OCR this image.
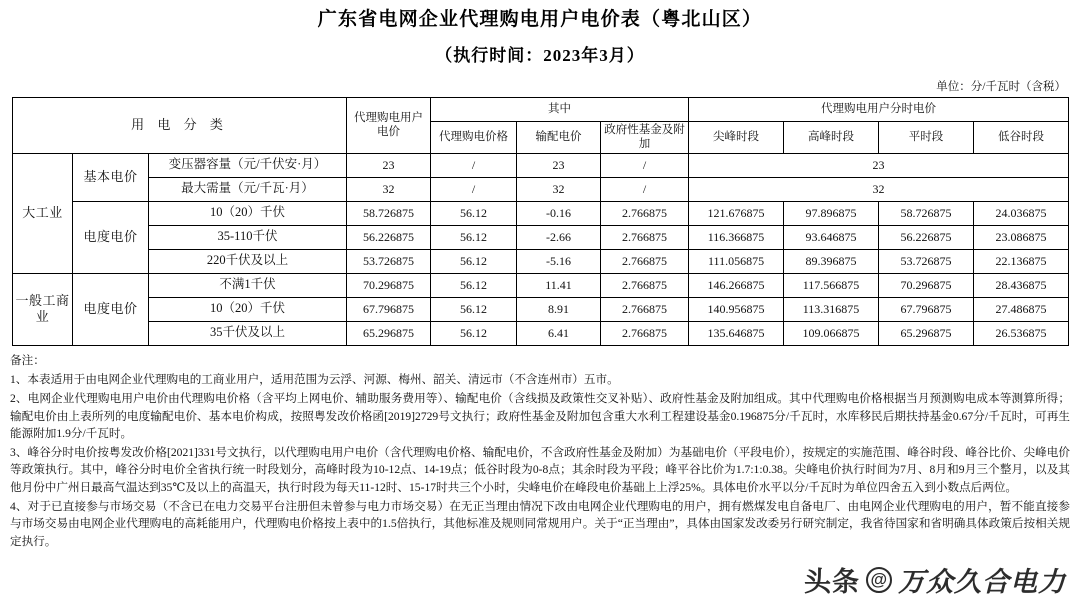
广东省电网企业代理购电用户电价表（粤北山区）
（执行时间：2023年3月）
单位：分/千瓦时（含税）
用 电 分 类			代理购电用户电价	其中			代理购电用户分时电价			
				代理购电价格	输配电价	政府性基金及附加	尖峰时段	高峰时段	平时段	低谷时段
大工业	基本电价	变压器容量（元/千伏安·月）	23	/	23	/	23			
		最大需量（元/千瓦·月）	32	/	32	/	32			
	电度电价	10（20）千伏	58.726875	56.12	-0.16	2.766875	121.676875	97.896875	58.726875	24.036875
		35-110千伏	56.226875	56.12	-2.66	2.766875	116.366875	93.646875	56.226875	23.086875
		220千伏及以上	53.726875	56.12	-5.16	2.766875	111.056875	89.396875	53.726875	22.136875
一般工商业	电度电价	不满1千伏	70.296875	56.12	11.41	2.766875	146.266875	117.566875	70.296875	28.436875
		10（20）千伏	67.796875	56.12	8.91	2.766875	140.956875	113.316875	67.796875	27.486875
		35千伏及以上	65.296875	56.12	6.41	2.766875	135.646875	109.066875	65.296875	26.536875

备注：

1、本表适用于由电网企业代理购电的工商业用户，适用范围为云浮、河源、梅州、韶关、清远市（不含连州市）五市。

2、电网企业代理购电用户电价由代理购电价格（含平均上网电价、辅助服务费用等）、输配电价（含线损及政策性交叉补贴）、政府性基金及附加组成。其中代理购电价格根据当月预测购电成本等测算所得；输配电价由上表所列的电度输配电价、基本电价构成，按照粤发改价格函[2019]2729号文执行；政府性基金及附加包含重大水利工程建设基金0.196875分/千瓦时，水库移民后期扶持基金0.67分/千瓦时，可再生能源附加1.9分/千瓦时。

3、峰谷分时电价按粤发改价格[2021]331号文执行，以代理购电用户电价（含代理购电价格、输配电价，不含政府性基金及附加）为基础电价（平段电价），按规定的实施范围、峰谷时段、峰谷比价、尖峰电价等政策执行。其中，峰谷分时电价全省执行统一时段划分，高峰时段为10-12点、14-19点；低谷时段为0-8点；其余时段为平段；峰平谷比价为1.7:1:0.38。尖峰电价执行时间为7月、8月和9月三个整月，以及其他月份中广州日最高气温达到35℃及以上的高温天，执行时段为每天11-12时、15-17时共三个小时，尖峰电价在峰段电价基础上上浮25%。具体电价水平以分/千瓦时为单位四舍五入到小数点后两位。

4、对于已直接参与市场交易（不含已在电力交易平台注册但未曾参与电力市场交易）在无正当理由情况下改由电网企业代理购电的用户，拥有燃煤发电自备电厂、由电网企业代理购电的用户，暂不能直接参与市场交易由电网企业代理购电的高耗能用户，代理购电价格按上表中的1.5倍执行，其他标准及规则同常规用户。关于“正当理由”，具体由国家发改委另行研究制定，我省待国家和省明确具体政策后按相关规定执行。

头条 @ 万众久合电力
